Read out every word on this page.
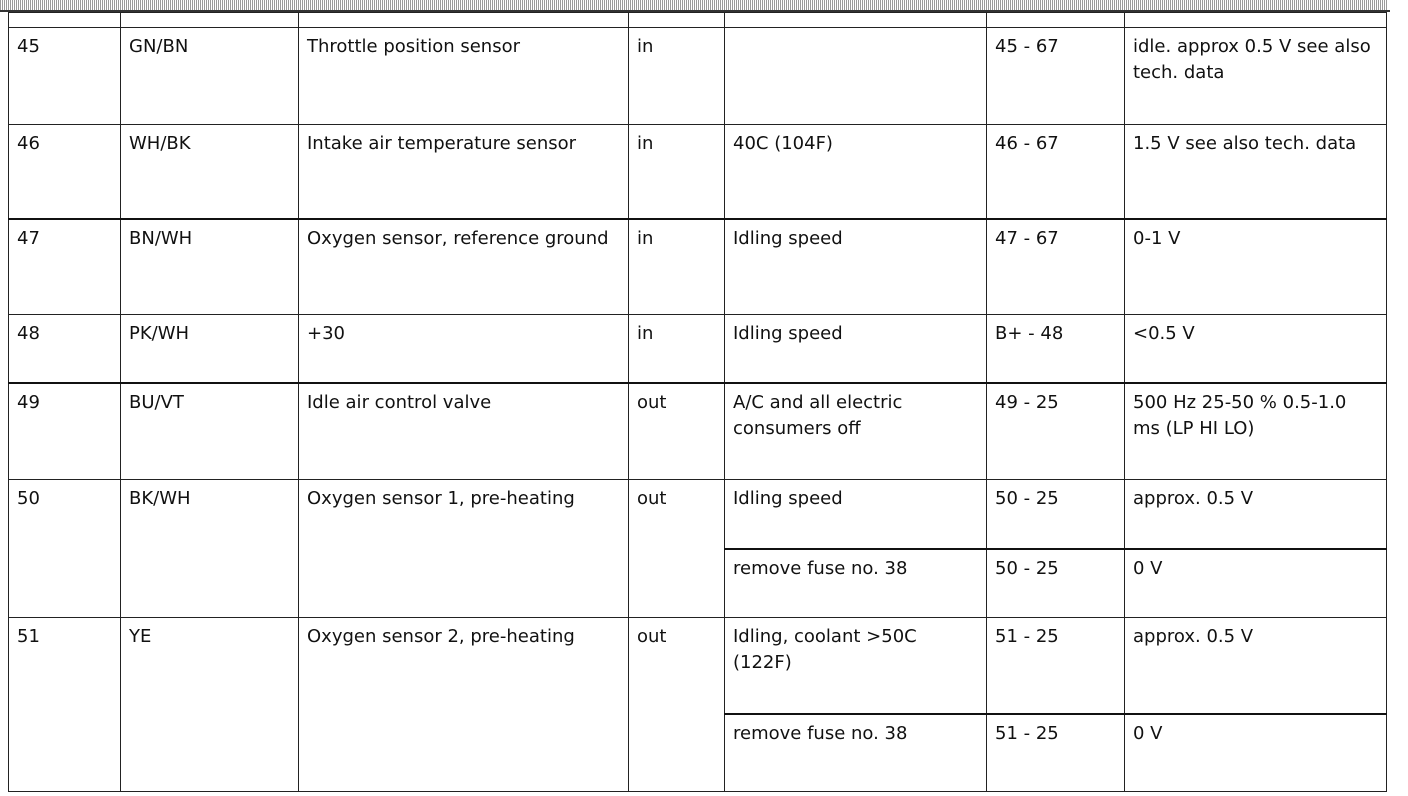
45	GN/BN	Throttle position sensor	in		45 - 67	idle. approx 0.5 V see also tech. data
46	WH/BK	Intake air temperature sensor	in	40C (104F)	46 - 67	1.5 V see also tech. data
47	BN/WH	Oxygen sensor, reference ground	in	Idling speed	47 - 67	0-1 V
48	PK/WH	+30	in	Idling speed	B+ - 48	<0.5 V
49	BU/VT	Idle air control valve	out	A/C and all electric consumers off	49 - 25	500 Hz 25-50 % 0.5-1.0 ms (LP HI LO)
50	BK/WH	Oxygen sensor 1, pre-heating	out	Idling speed	50 - 25	approx. 0.5 V
				remove fuse no. 38	50 - 25	0 V
51	YE	Oxygen sensor 2, pre-heating	out	Idling, coolant >50C (122F)	51 - 25	approx. 0.5 V
				remove fuse no. 38	51 - 25	0 V
